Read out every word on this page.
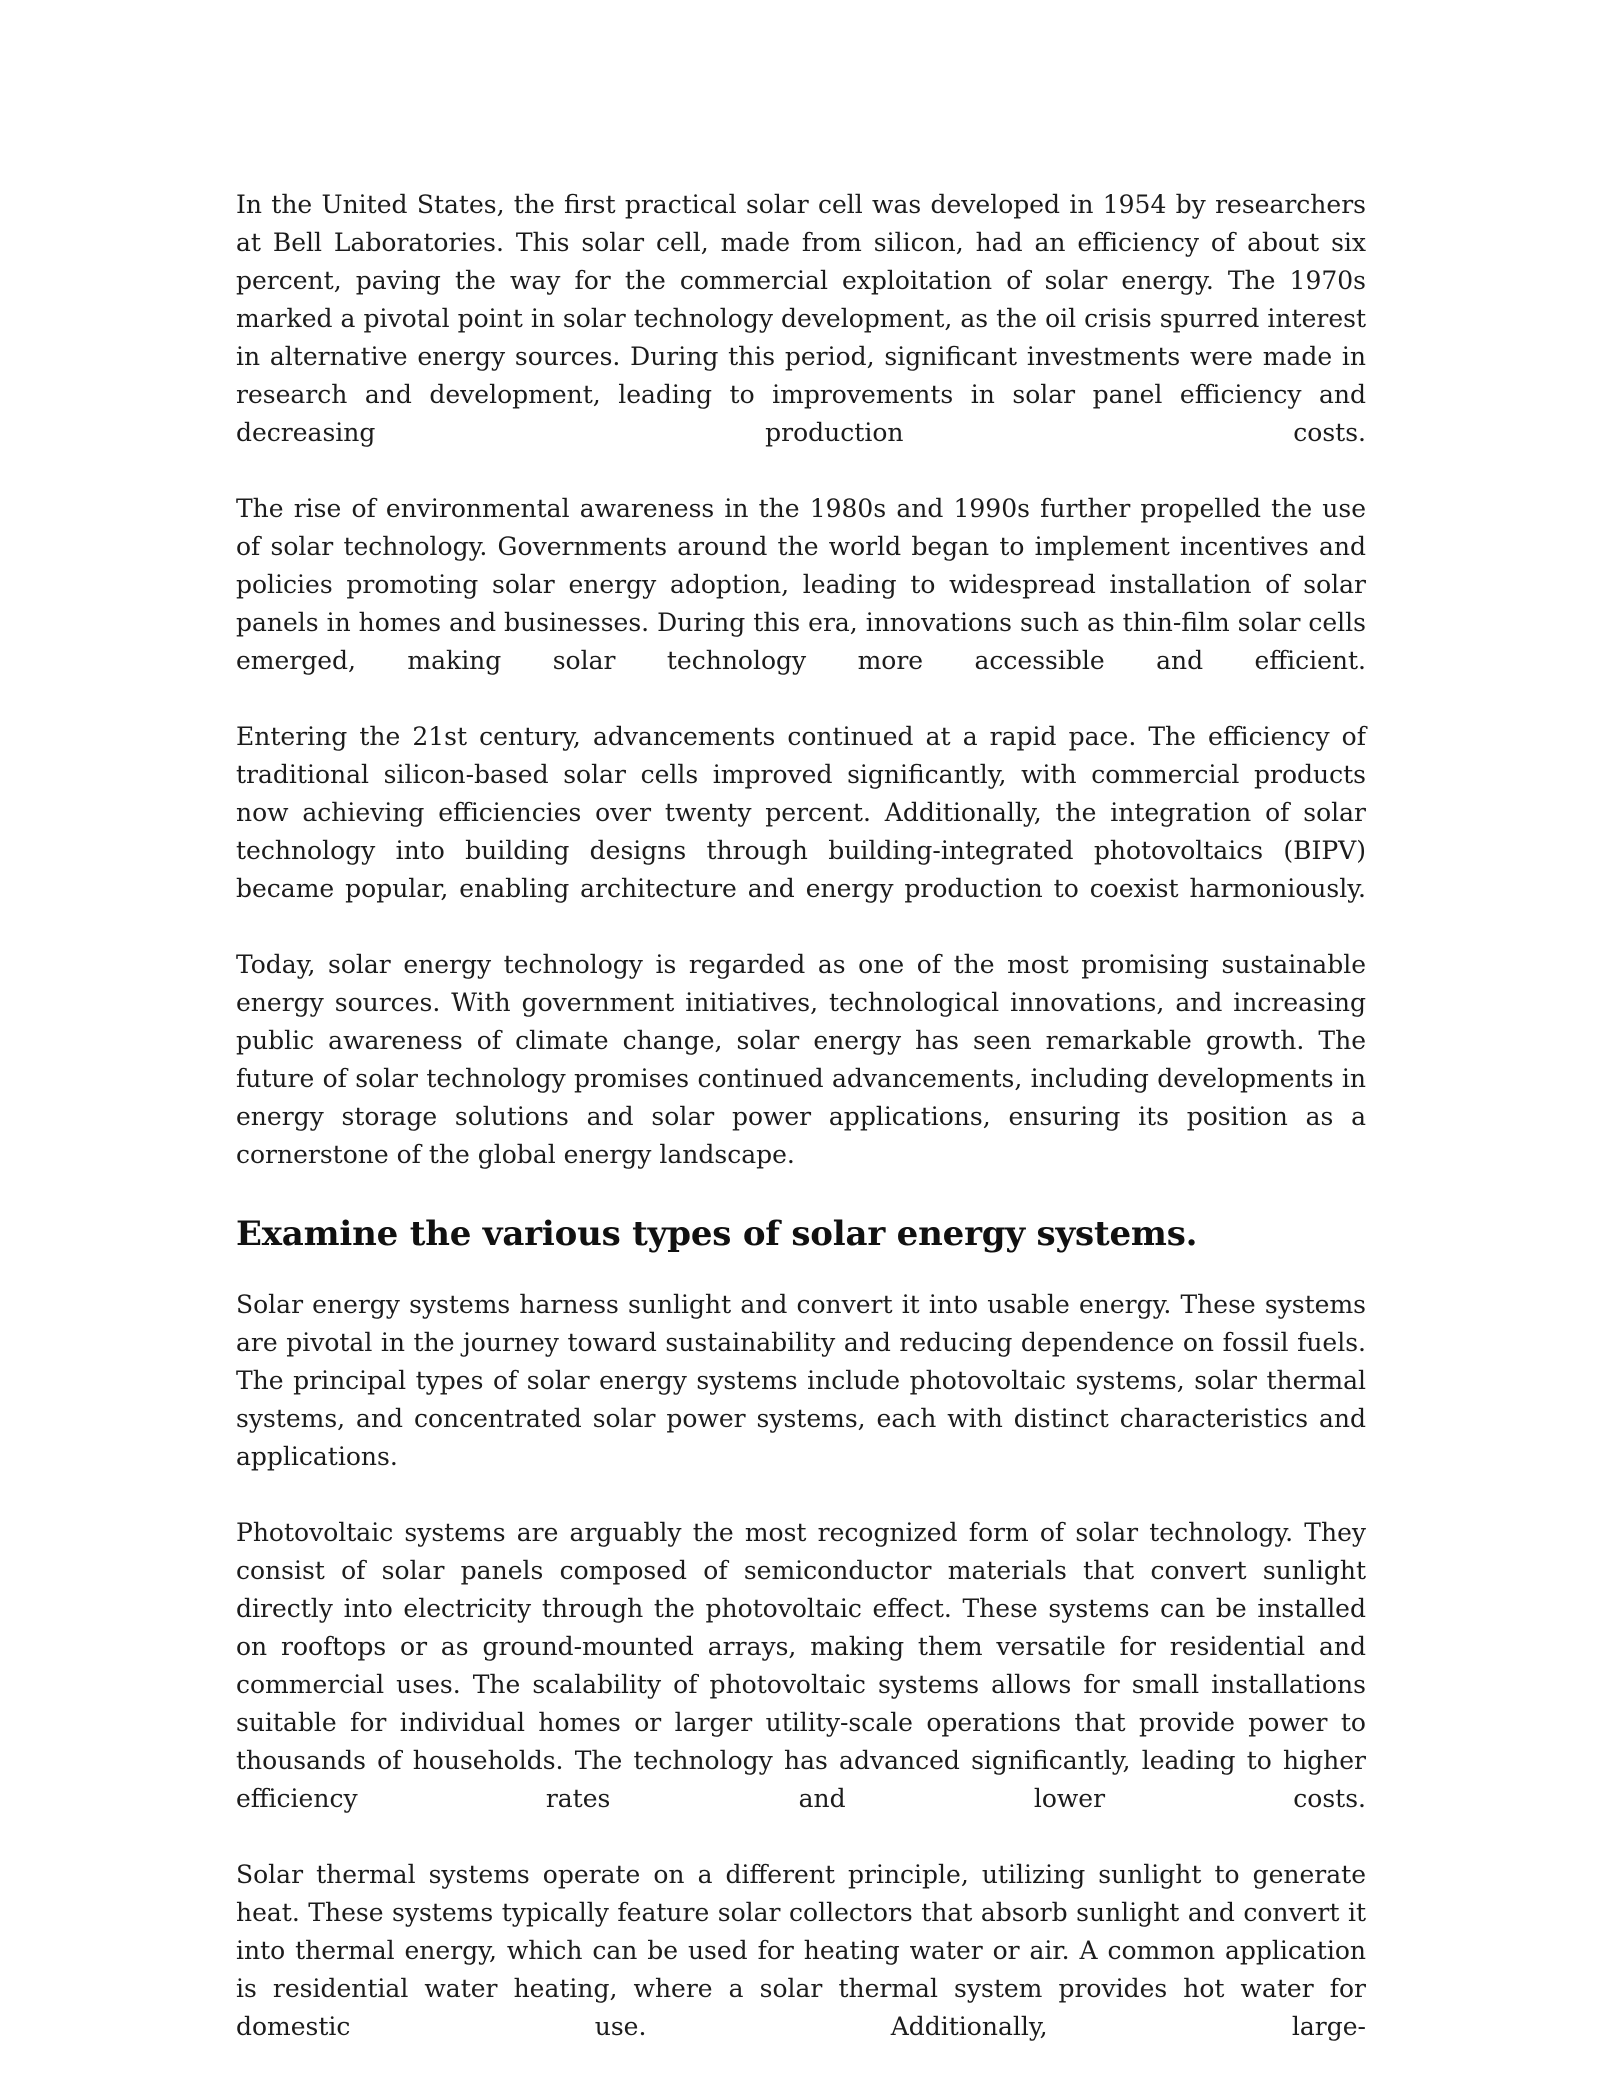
In the United States, the first practical solar cell was developed in 1954 by researchers at Bell Laboratories. This solar cell, made from silicon, had an efficiency of about six percent, paving the way for the commercial exploitation of solar energy. The 1970s marked a pivotal point in solar technology development, as the oil crisis spurred interest in alternative energy sources. During this period, significant investments were made in research and development, leading to improvements in solar panel efficiency and decreasing production costs.

The rise of environmental awareness in the 1980s and 1990s further propelled the use of solar technology. Governments around the world began to implement incentives and policies promoting solar energy adoption, leading to widespread installation of solar panels in homes and businesses. During this era, innovations such as thin-film solar cells emerged, making solar technology more accessible and efficient.

Entering the 21st century, advancements continued at a rapid pace. The efficiency of traditional silicon-based solar cells improved significantly, with commercial products now achieving efficiencies over twenty percent. Additionally, the integration of solar technology into building designs through building-integrated photovoltaics (BIPV) became popular, enabling architecture and energy production to coexist harmoniously.

Today, solar energy technology is regarded as one of the most promising sustainable energy sources. With government initiatives, technological innovations, and increasing public awareness of climate change, solar energy has seen remarkable growth. The future of solar technology promises continued advancements, including developments in energy storage solutions and solar power applications, ensuring its position as a cornerstone of the global energy landscape.

Examine the various types of solar energy systems.

Solar energy systems harness sunlight and convert it into usable energy. These systems are pivotal in the journey toward sustainability and reducing dependence on fossil fuels. The principal types of solar energy systems include photovoltaic systems, solar thermal systems, and concentrated solar power systems, each with distinct characteristics and applications.

Photovoltaic systems are arguably the most recognized form of solar technology. They consist of solar panels composed of semiconductor materials that convert sunlight directly into electricity through the photovoltaic effect. These systems can be installed on rooftops or as ground-mounted arrays, making them versatile for residential and commercial uses. The scalability of photovoltaic systems allows for small installations suitable for individual homes or larger utility-scale operations that provide power to thousands of households. The technology has advanced significantly, leading to higher efficiency rates and lower costs.

Solar thermal systems operate on a different principle, utilizing sunlight to generate heat. These systems typically feature solar collectors that absorb sunlight and convert it into thermal energy, which can be used for heating water or air. A common application is residential water heating, where a solar thermal system provides hot water for domestic use. Additionally, large-
